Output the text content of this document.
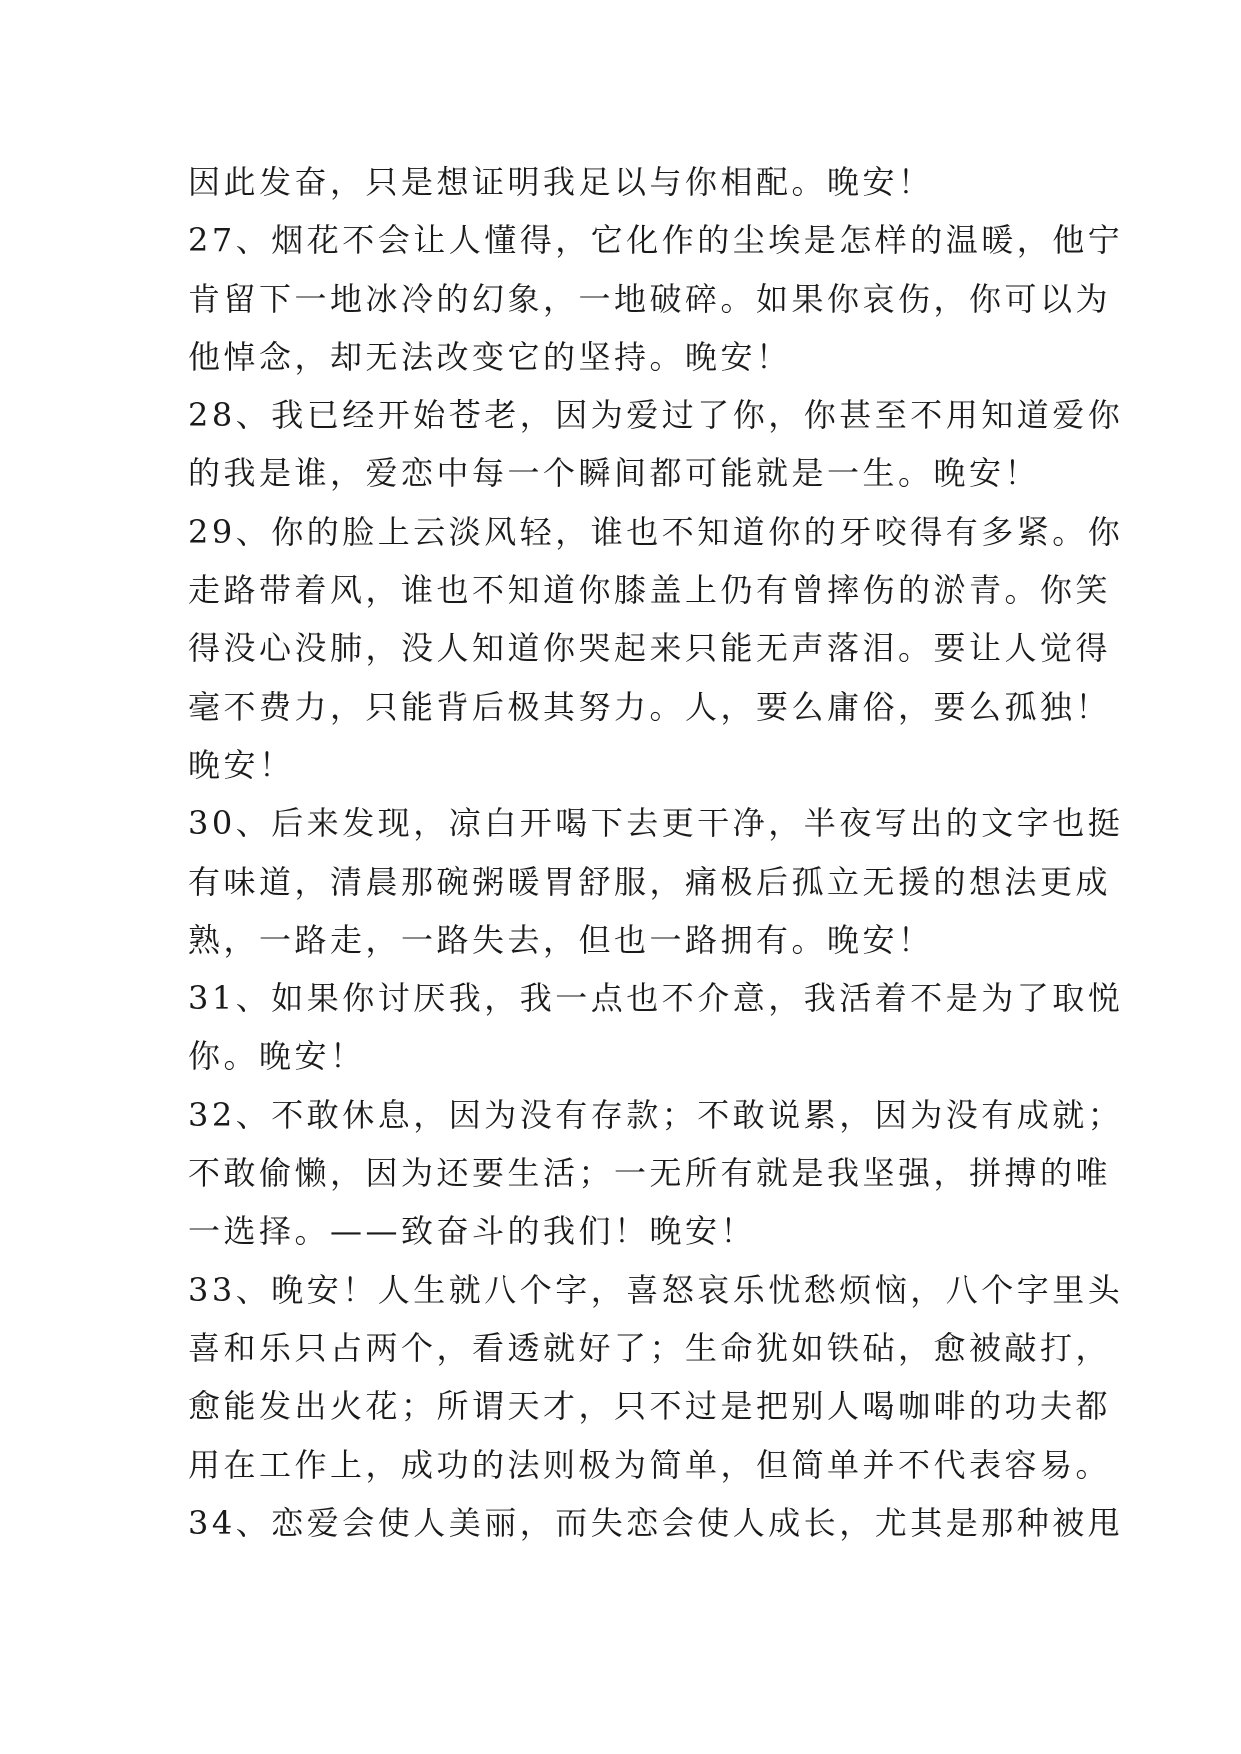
因此发奋，只是想证明我足以与你相配。晚安！
27、烟花不会让人懂得，它化作的尘埃是怎样的温暖，他宁
肯留下一地冰冷的幻象，一地破碎。如果你哀伤，你可以为
他悼念，却无法改变它的坚持。晚安！
28、我已经开始苍老，因为爱过了你，你甚至不用知道爱你
的我是谁，爱恋中每一个瞬间都可能就是一生。晚安！
29、你的脸上云淡风轻，谁也不知道你的牙咬得有多紧。你
走路带着风，谁也不知道你膝盖上仍有曾摔伤的淤青。你笑
得没心没肺，没人知道你哭起来只能无声落泪。要让人觉得
毫不费力，只能背后极其努力。人，要么庸俗，要么孤独！
晚安！
30、后来发现，凉白开喝下去更干净，半夜写出的文字也挺
有味道，清晨那碗粥暖胃舒服，痛极后孤立无援的想法更成
熟，一路走，一路失去，但也一路拥有。晚安！
31、如果你讨厌我，我一点也不介意，我活着不是为了取悦
你。晚安！
32、不敢休息，因为没有存款；不敢说累，因为没有成就；
不敢偷懒，因为还要生活；一无所有就是我坚强，拼搏的唯
一选择。——致奋斗的我们！晚安！
33、晚安！人生就八个字，喜怒哀乐忧愁烦恼，八个字里头
喜和乐只占两个，看透就好了；生命犹如铁砧，愈被敲打，
愈能发出火花；所谓天才，只不过是把别人喝咖啡的功夫都
用在工作上，成功的法则极为简单，但简单并不代表容易。
34、恋爱会使人美丽，而失恋会使人成长，尤其是那种被甩
